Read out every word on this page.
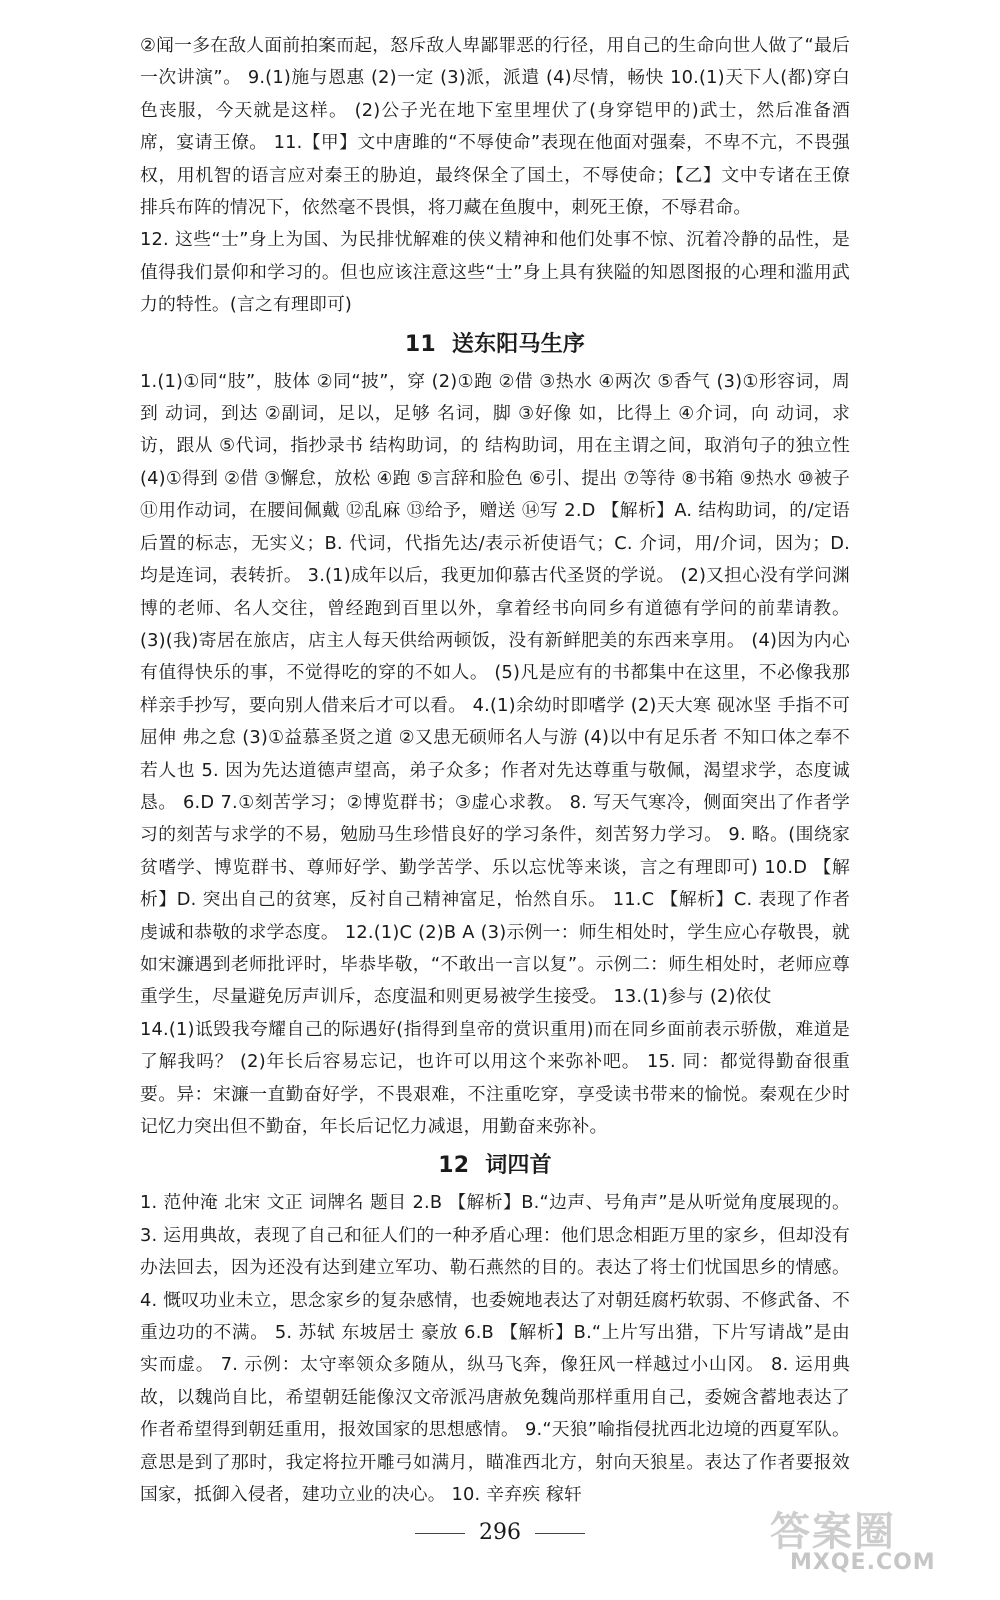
②闻一多在敌人面前拍案而起，怒斥敌人卑鄙罪恶的行径，用自己的生命向世人做了“最后一次讲演”。 9.(1)施与恩惠 (2)一定 (3)派，派遣 (4)尽情，畅快 10.(1)天下人(都)穿白色丧服，今天就是这样。 (2)公子光在地下室里埋伏了(身穿铠甲的)武士，然后准备酒席，宴请王僚。 11.【甲】文中唐雎的“不辱使命”表现在他面对强秦，不卑不亢，不畏强权，用机智的语言应对秦王的胁迫，最终保全了国土，不辱使命；【乙】文中专诸在王僚排兵布阵的情况下，依然毫不畏惧，将刀藏在鱼腹中，刺死王僚，不辱君命。

12. 这些“士”身上为国、为民排忧解难的侠义精神和他们处事不惊、沉着冷静的品性，是值得我们景仰和学习的。但也应该注意这些“士”身上具有狭隘的知恩图报的心理和滥用武力的特性。(言之有理即可)

11 送东阳马生序

1.(1)①同“肢”，肢体 ②同“披”，穿 (2)①跑 ②借 ③热水 ④两次 ⑤香气 (3)①形容词，周到 动词，到达 ②副词，足以，足够 名词，脚 ③好像 如，比得上 ④介词，向 动词，求访，跟从 ⑤代词，指抄录书 结构助词，的 结构助词，用在主谓之间，取消句子的独立性 (4)①得到 ②借 ③懈怠，放松 ④跑 ⑤言辞和脸色 ⑥引、提出 ⑦等待 ⑧书箱 ⑨热水 ⑩被子 ⑪用作动词，在腰间佩戴 ⑫乱麻 ⑬给予，赠送 ⑭写 2.D 【解析】A. 结构助词，的/定语后置的标志，无实义；B. 代词，代指先达/表示祈使语气；C. 介词，用/介词，因为；D. 均是连词，表转折。 3.(1)成年以后，我更加仰慕古代圣贤的学说。 (2)又担心没有学问渊博的老师、名人交往，曾经跑到百里以外，拿着经书向同乡有道德有学问的前辈请教。 (3)(我)寄居在旅店，店主人每天供给两顿饭，没有新鲜肥美的东西来享用。 (4)因为内心有值得快乐的事，不觉得吃的穿的不如人。 (5)凡是应有的书都集中在这里，不必像我那样亲手抄写，要向别人借来后才可以看。 4.(1)余幼时即嗜学 (2)天大寒 砚冰坚 手指不可屈伸 弗之怠 (3)①益慕圣贤之道 ②又患无硕师名人与游 (4)以中有足乐者 不知口体之奉不若人也 5. 因为先达道德声望高，弟子众多；作者对先达尊重与敬佩，渴望求学，态度诚恳。 6.D 7.①刻苦学习；②博览群书；③虚心求教。 8. 写天气寒冷，侧面突出了作者学习的刻苦与求学的不易，勉励马生珍惜良好的学习条件，刻苦努力学习。 9. 略。(围绕家贫嗜学、博览群书、尊师好学、勤学苦学、乐以忘忧等来谈，言之有理即可) 10.D 【解析】D. 突出自己的贫寒，反衬自己精神富足，怡然自乐。 11.C 【解析】C. 表现了作者虔诚和恭敬的求学态度。 12.(1)C (2)B A (3)示例一：师生相处时，学生应心存敬畏，就如宋濂遇到老师批评时，毕恭毕敬，“不敢出一言以复”。示例二：师生相处时，老师应尊重学生，尽量避免厉声训斥，态度温和则更易被学生接受。 13.(1)参与 (2)依仗

14.(1)诋毁我夸耀自己的际遇好(指得到皇帝的赏识重用)而在同乡面前表示骄傲，难道是了解我吗？ (2)年长后容易忘记，也许可以用这个来弥补吧。 15. 同：都觉得勤奋很重要。异：宋濂一直勤奋好学，不畏艰难，不注重吃穿，享受读书带来的愉悦。秦观在少时记忆力突出但不勤奋，年长后记忆力减退，用勤奋来弥补。

12 词四首

1. 范仲淹 北宋 文正 词牌名 题目 2.B 【解析】B.“边声、号角声”是从听觉角度展现的。 3. 运用典故，表现了自己和征人们的一种矛盾心理：他们思念相距万里的家乡，但却没有办法回去，因为还没有达到建立军功、勒石燕然的目的。表达了将士们忧国思乡的情感。 4. 慨叹功业未立，思念家乡的复杂感情，也委婉地表达了对朝廷腐朽软弱、不修武备、不重边功的不满。 5. 苏轼 东坡居士 豪放 6.B 【解析】B.“上片写出猎，下片写请战”是由实而虚。 7. 示例：太守率领众多随从，纵马飞奔，像狂风一样越过小山冈。 8. 运用典故，以魏尚自比，希望朝廷能像汉文帝派冯唐赦免魏尚那样重用自己，委婉含蓄地表达了作者希望得到朝廷重用，报效国家的思想感情。 9.“天狼”喻指侵扰西北边境的西夏军队。意思是到了那时，我定将拉开雕弓如满月，瞄准西北方，射向天狼星。表达了作者要报效国家，抵御入侵者，建功立业的决心。 10. 辛弃疾 稼轩

296	答案圈
MXQE.COM
